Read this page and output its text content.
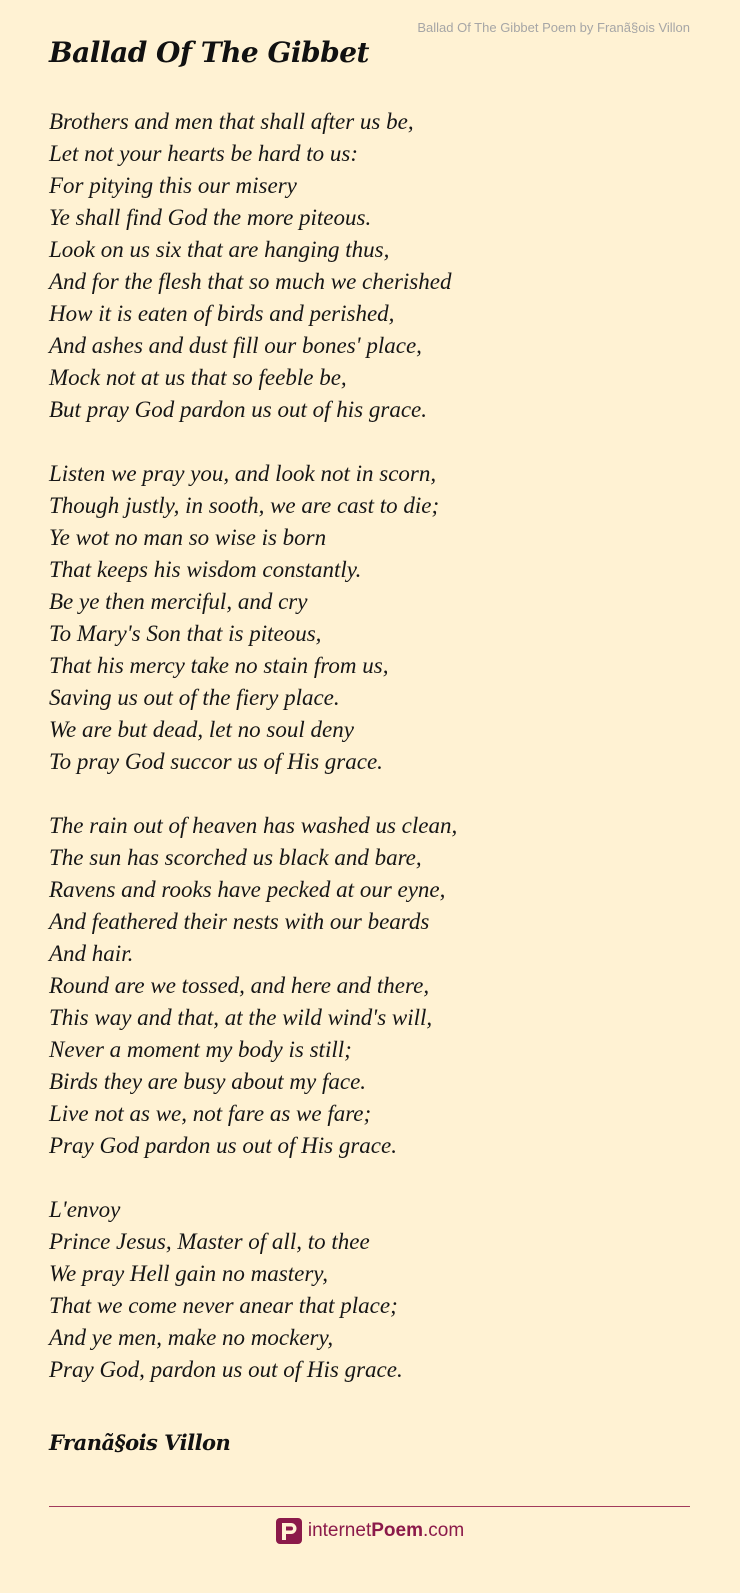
Ballad Of The Gibbet Poem by Franã§ois Villon
Ballad Of The Gibbet
Brothers and men that shall after us be,
Let not your hearts be hard to us:
For pitying this our misery
Ye shall find God the more piteous.
Look on us six that are hanging thus,
And for the flesh that so much we cherished
How it is eaten of birds and perished,
And ashes and dust fill our bones' place,
Mock not at us that so feeble be,
But pray God pardon us out of his grace.
Listen we pray you, and look not in scorn,
Though justly, in sooth, we are cast to die;
Ye wot no man so wise is born
That keeps his wisdom constantly.
Be ye then merciful, and cry
To Mary's Son that is piteous,
That his mercy take no stain from us,
Saving us out of the fiery place.
We are but dead, let no soul deny
To pray God succor us of His grace.
The rain out of heaven has washed us clean,
The sun has scorched us black and bare,
Ravens and rooks have pecked at our eyne,
And feathered their nests with our beards
And hair.
Round are we tossed, and here and there,
This way and that, at the wild wind's will,
Never a moment my body is still;
Birds they are busy about my face.
Live not as we, not fare as we fare;
Pray God pardon us out of His grace.
L'envoy
Prince Jesus, Master of all, to thee
We pray Hell gain no mastery,
That we come never anear that place;
And ye men, make no mockery,
Pray God, pardon us out of His grace.
Franã§ois Villon
internetPoem.com
